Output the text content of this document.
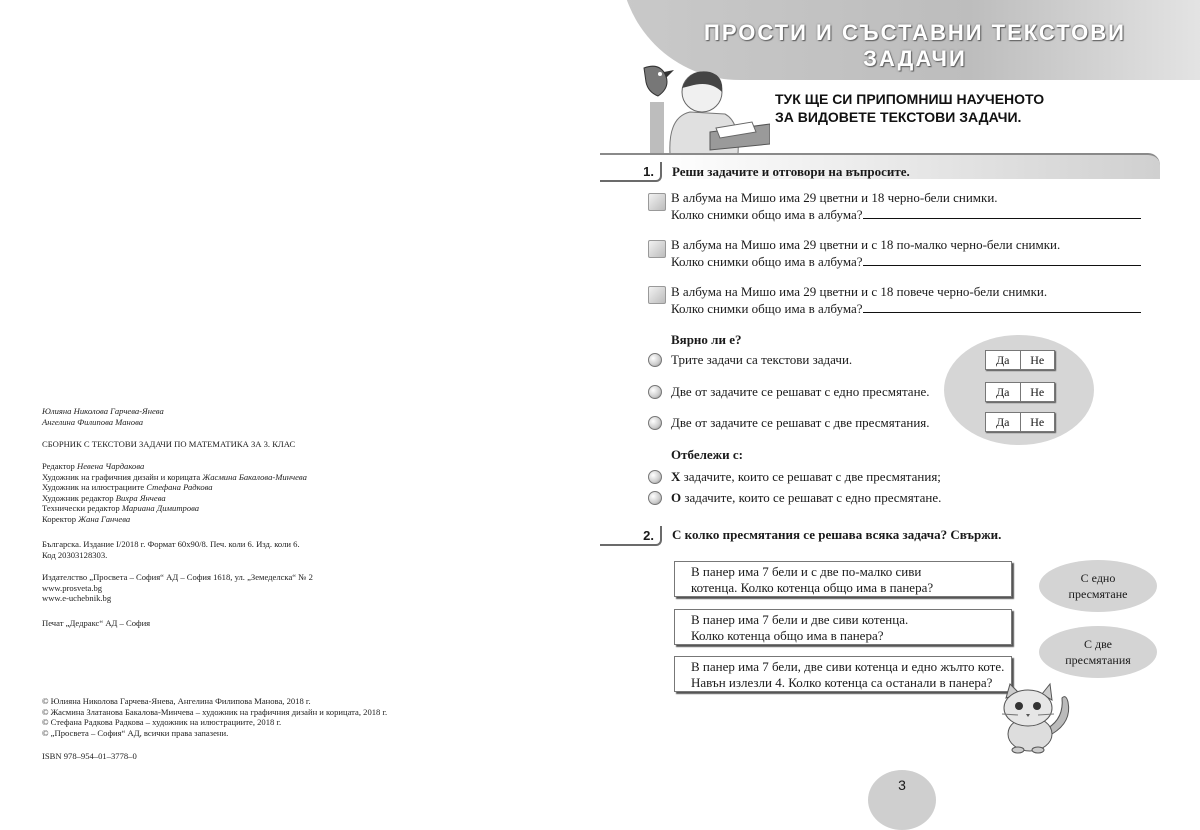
Юлияна Николова Гарчева-Янева
Ангелина Филипова Манова
СБОРНИК С ТЕКСТОВИ ЗАДАЧИ ПО МАТЕМАТИКА ЗА 3. КЛАС
Редактор Невена Чардакова
Художник на графичния дизайн и корицата Жасмина Бакалова-Минчева
Художник на илюстрациите Стефана Радкова
Художник редактор Вихра Янчева
Технически редактор Мариана Димитрова
Коректор Жана Ганчева
Българска. Издание I/2018 г. Формат 60x90/8. Печ. коли 6. Изд. коли 6.
Код 20303128303.
Издателство „Просвета – София“ АД – София 1618, ул. „Земеделска“ № 2
www.prosveta.bg
www.e-uchebnik.bg
Печат „Дедракс“ АД – София
© Юлияна Николова Гарчева-Янева, Ангелина Филипова Манова, 2018 г.
© Жасмина Златанова Бакалова-Минчева – художник на графичния дизайн и корицата, 2018 г.
© Стефана Радкова Радкова – художник на илюстрациите, 2018 г.
© „Просвета – София“ АД, всички права запазени.
ISBN 978–954–01–3778–0
ПРОСТИ И СЪСТАВНИ ТЕКСТОВИ
ЗАДАЧИ
ТУК ЩЕ СИ ПРИПОМНИШ НАУЧЕНОТО
ЗА ВИДОВЕТЕ ТЕКСТОВИ ЗАДАЧИ.
1.	Реши задачите и отговори на въпросите.
В албума на Мишо има 29 цветни и 18 черно-бели снимки.
Колко снимки общо има в албума?
В албума на Мишо има 29 цветни и с 18 по-малко черно-бели снимки.
Колко снимки общо има в албума?
В албума на Мишо има 29 цветни и с 18 повече черно-бели снимки.
Колко снимки общо има в албума?
Вярно ли е?
Трите задачи са текстови задачи.	Да	Не
Две от задачите се решават с едно пресмятане.	Да	Не
Две от задачите се решават с две пресмятания.	Да	Не
Отбележи с:
Х задачите, които се решават с две пресмятания;
О задачите, които се решават с едно пресмятане.
2.	С колко пресмятания се решава всяка задача? Свържи.
В панер има 7 бели и с две по-малко сиви
котенца. Колко котенца общо има в панера?
В панер има 7 бели и две сиви котенца.
Колко котенца общо има в панера?
В панер има 7 бели, две сиви котенца и едно жълто коте.
Навън излезли 4. Колко котенца са останали в панера?
С едно
пресмятане
С две
пресмятания
3
